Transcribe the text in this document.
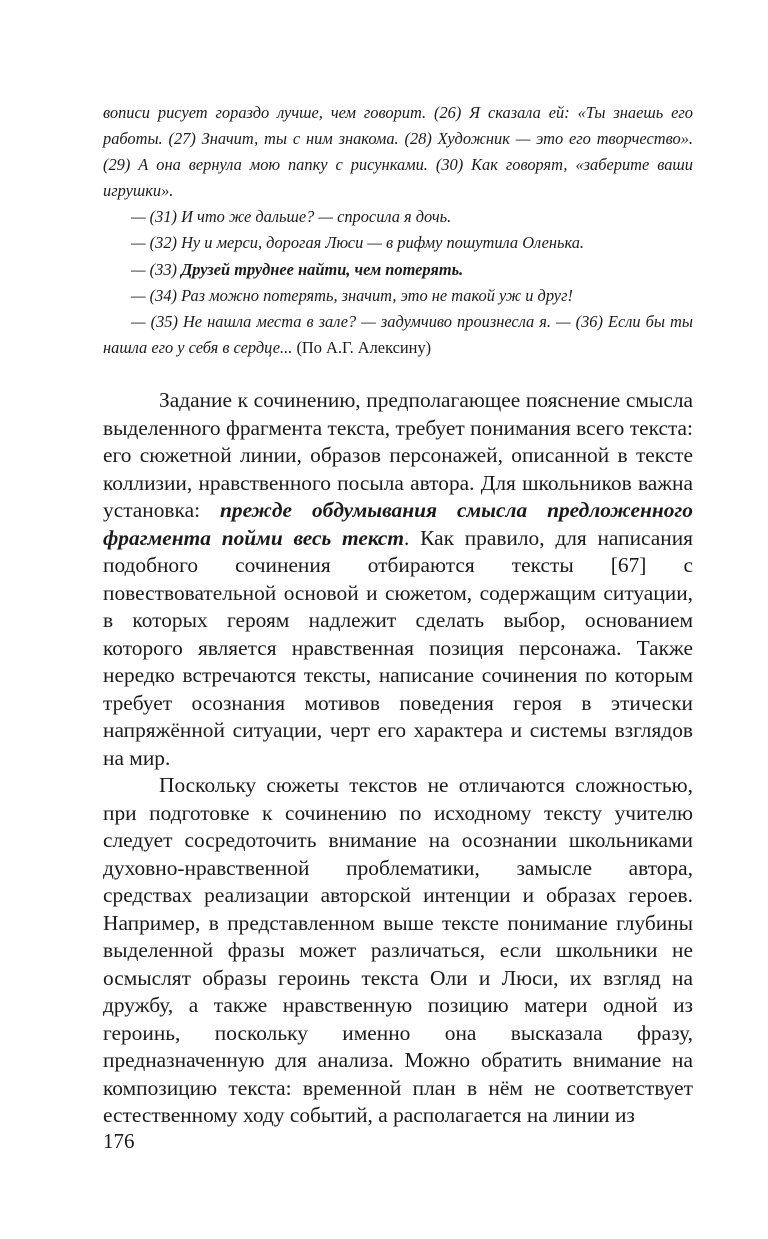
вописи рисует гораздо лучше, чем говорит. (26) Я сказала ей: «Ты знаешь его работы. (27) Значит, ты с ним знакома. (28) Художник — это его творчество». (29) А она вернула мою папку с рисунками. (30) Как говорят, «заберите ваши игрушки».

— (31) И что же дальше? — спросила я дочь.

— (32) Ну и мерси, дорогая Люси — в рифму пошутила Оленька.

— (33) Друзей труднее найти, чем потерять.

— (34) Раз можно потерять, значит, это не такой уж и друг!

— (35) Не нашла места в зале? — задумчиво произнесла я. — (36) Если бы ты нашла его у себя в сердце... (По А.Г. Алексину)

Задание к сочинению, предполагающее пояснение смысла выделенного фрагмента текста, требует понимания всего текста: его сюжетной линии, образов персонажей, описанной в тексте коллизии, нравственного посыла автора. Для школьников важна установка: прежде обдумывания смысла предложенного фрагмента пойми весь текст. Как правило, для написания подобного сочинения отбираются тексты [67] с повествовательной основой и сюжетом, содержащим ситуации, в которых героям надлежит сделать выбор, основанием которого является нравственная позиция персонажа. Также нередко встречаются тексты, написание сочинения по которым требует осознания мотивов поведения героя в этически напряжённой ситуации, черт его характера и системы взглядов на мир.

Поскольку сюжеты текстов не отличаются сложностью, при подготовке к сочинению по исходному тексту учителю следует сосредоточить внимание на осознании школьниками духовно-нравственной проблематики, замысле автора, средствах реализации авторской интенции и образах героев. Например, в представленном выше тексте понимание глубины выделенной фразы может различаться, если школьники не осмыслят образы героинь текста Оли и Люси, их взгляд на дружбу, а также нравственную позицию матери одной из героинь, поскольку именно она высказала фразу, предназначенную для анализа. Можно обратить внимание на композицию текста: временной план в нём не соответствует естественному ходу событий, а располагается на линии из

176
